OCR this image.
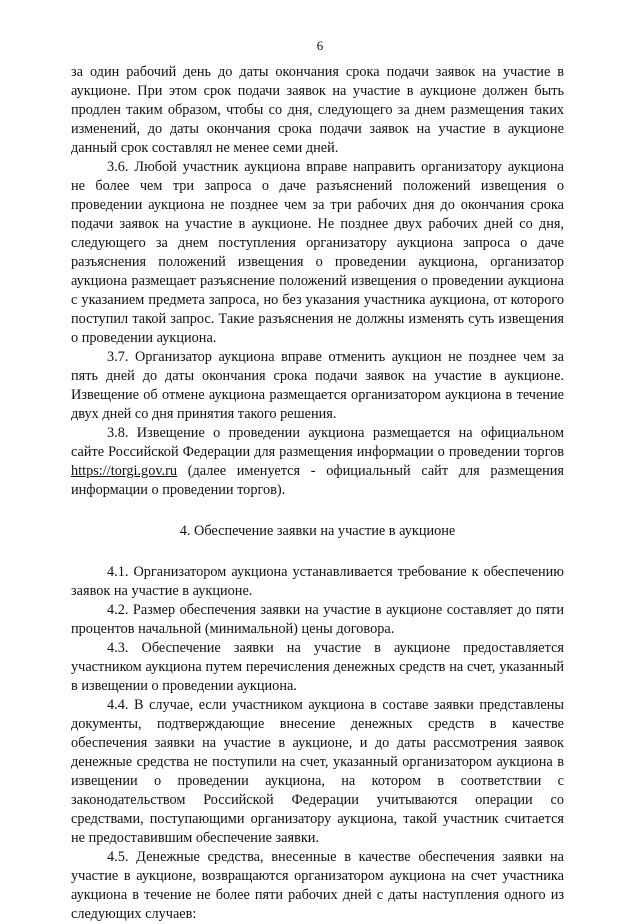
6

за один рабочий день до даты окончания срока подачи заявок на участие в аукционе. При этом срок подачи заявок на участие в аукционе должен быть продлен таким образом, чтобы со дня, следующего за днем размещения таких изменений, до даты окончания срока подачи заявок на участие в аукционе данный срок составлял не менее семи дней.

3.6. Любой участник аукциона вправе направить организатору аукциона не более чем три запроса о даче разъяснений положений извещения о проведении аукциона не позднее чем за три рабочих дня до окончания срока подачи заявок на участие в аукционе. Не позднее двух рабочих дней со дня, следующего за днем поступления организатору аукциона запроса о даче разъяснения положений извещения о проведении аукциона, организатор аукциона размещает разъяснение положений извещения о проведении аукциона с указанием предмета запроса, но без указания участника аукциона, от которого поступил такой запрос. Такие разъяснения не должны изменять суть извещения о проведении аукциона.

3.7. Организатор аукциона вправе отменить аукцион не позднее чем за пять дней до даты окончания срока подачи заявок на участие в аукционе. Извещение об отмене аукциона размещается организатором аукциона в течение двух дней со дня принятия такого решения.

3.8. Извещение о проведении аукциона размещается на официальном сайте Российской Федерации для размещения информации о проведении торгов https://torgi.gov.ru (далее именуется - официальный сайт для размещения информации о проведении торгов).

4. Обеспечение заявки на участие в аукционе

4.1. Организатором аукциона устанавливается требование к обеспечению заявок на участие в аукционе.

4.2. Размер обеспечения заявки на участие в аукционе составляет до пяти процентов начальной (минимальной) цены договора.

4.3. Обеспечение заявки на участие в аукционе предоставляется участником аукциона путем перечисления денежных средств на счет, указанный в извещении о проведении аукциона.

4.4. В случае, если участником аукциона в составе заявки представлены документы, подтверждающие внесение денежных средств в качестве обеспечения заявки на участие в аукционе, и до даты рассмотрения заявок денежные средства не поступили на счет, указанный организатором аукциона в извещении о проведении аукциона, на котором в соответствии с законодательством Российской Федерации учитываются операции со средствами, поступающими организатору аукциона, такой участник считается не предоставившим обеспечение заявки.

4.5. Денежные средства, внесенные в качестве обеспечения заявки на участие в аукционе, возвращаются организатором аукциона на счет участника аукциона в течение не более пяти рабочих дней с даты наступления одного из следующих случаев:
